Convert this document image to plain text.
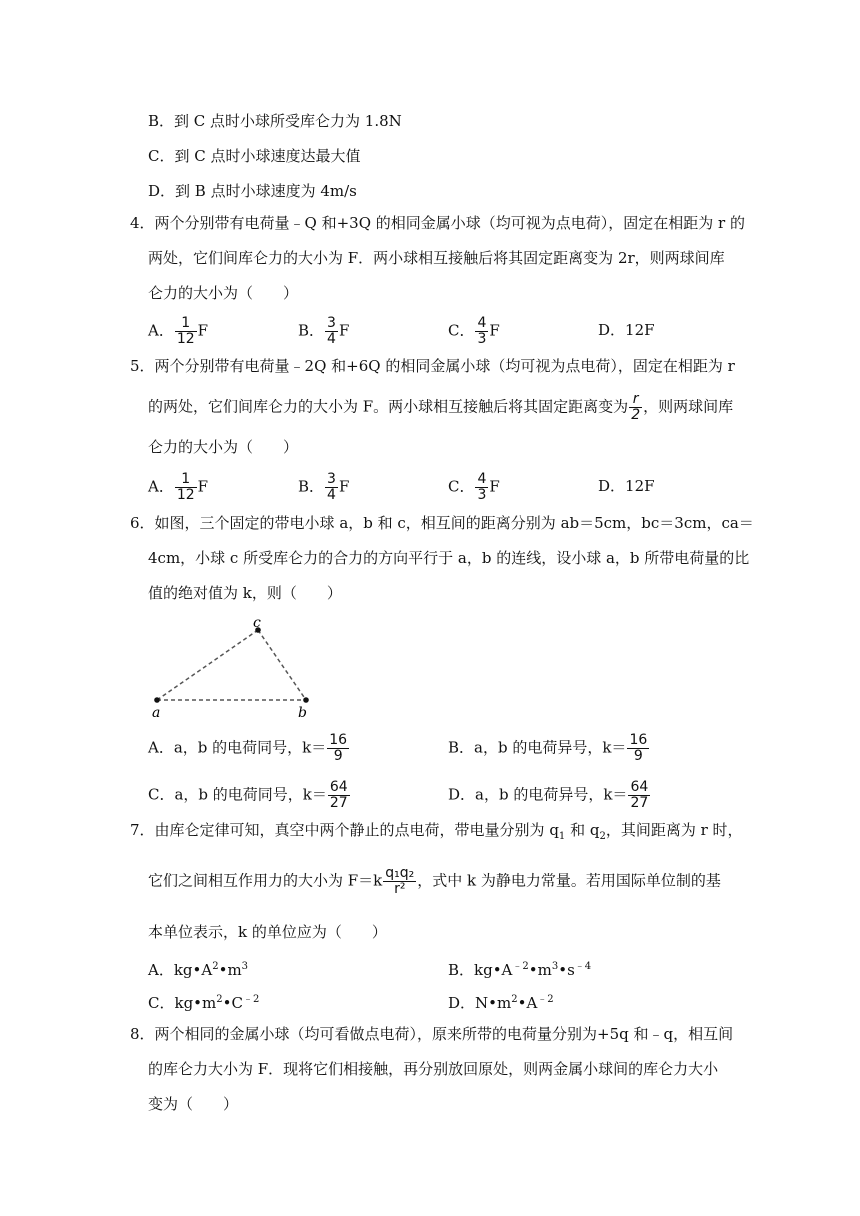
B．到 C 点时小球所受库仑力为 1.8N
C．到 C 点时小球速度达最大值
D．到 B 点时小球速度为 4m/s
4．两个分别带有电荷量﹣Q 和+3Q 的相同金属小球（均可视为点电荷），固定在相距为 r 的
两处，它们间库仑力的大小为 F．两小球相互接触后将其固定距离变为 2r，则两球间库
仑力的大小为（　　）
A． $\frac{1}{12}$ F	B． $\frac{3}{4}$ F	C． $\frac{4}{3}$ F	D．12F
5．两个分别带有电荷量﹣2Q 和+6Q 的相同金属小球（均可视为点电荷），固定在相距为 r
的两处，它们间库仑力的大小为 F。两小球相互接触后将其固定距离变为 $\frac{r}{2}$ ，则两球间库
仑力的大小为（　　）
A． $\frac{1}{12}$ F	B． $\frac{3}{4}$ F	C． $\frac{4}{3}$ F	D．12F
6．如图，三个固定的带电小球 a，b 和 c，相互间的距离分别为 ab＝5cm，bc＝3cm，ca＝
4cm，小球 c 所受库仑力的合力的方向平行于 a，b 的连线，设小球 a，b 所带电荷量的比
值的绝对值为 k，则（　　）
a
c
b
A．a，b 的电荷同号，$k= \frac{16}{9}$	B．a，b 的电荷异号，$k= \frac{16}{9}$
C．a，b 的电荷同号，$k= \frac{64}{27}$	D．a，b 的电荷异号，$k= \frac{64}{27}$
7．由库仑定律可知，真空中两个静止的点电荷，带电量分别为 $q_1$ 和 $q_2$，其间距离为 r 时，
它们之间相互作用力的大小为 $F=k \frac{\text{q₁q₂}}{\text{r²}}$ ，式中 k 为静电力常量。若用国际单位制的基
本单位表示，k 的单位应为（　　）
A．$kg•A^2•m^3$	B．$kg•A^{﹣2}•m^3•s^{﹣4}$
C．$kg•m^2•C^{﹣2}$	D．$N•m^2•A^{﹣2}$
8．两个相同的金属小球（均可看做点电荷），原来所带的电荷量分别为+5q 和﹣q，相互间
的库仑力大小为 F．现将它们相接触，再分别放回原处，则两金属小球间的库仑力大小
变为（　　）
